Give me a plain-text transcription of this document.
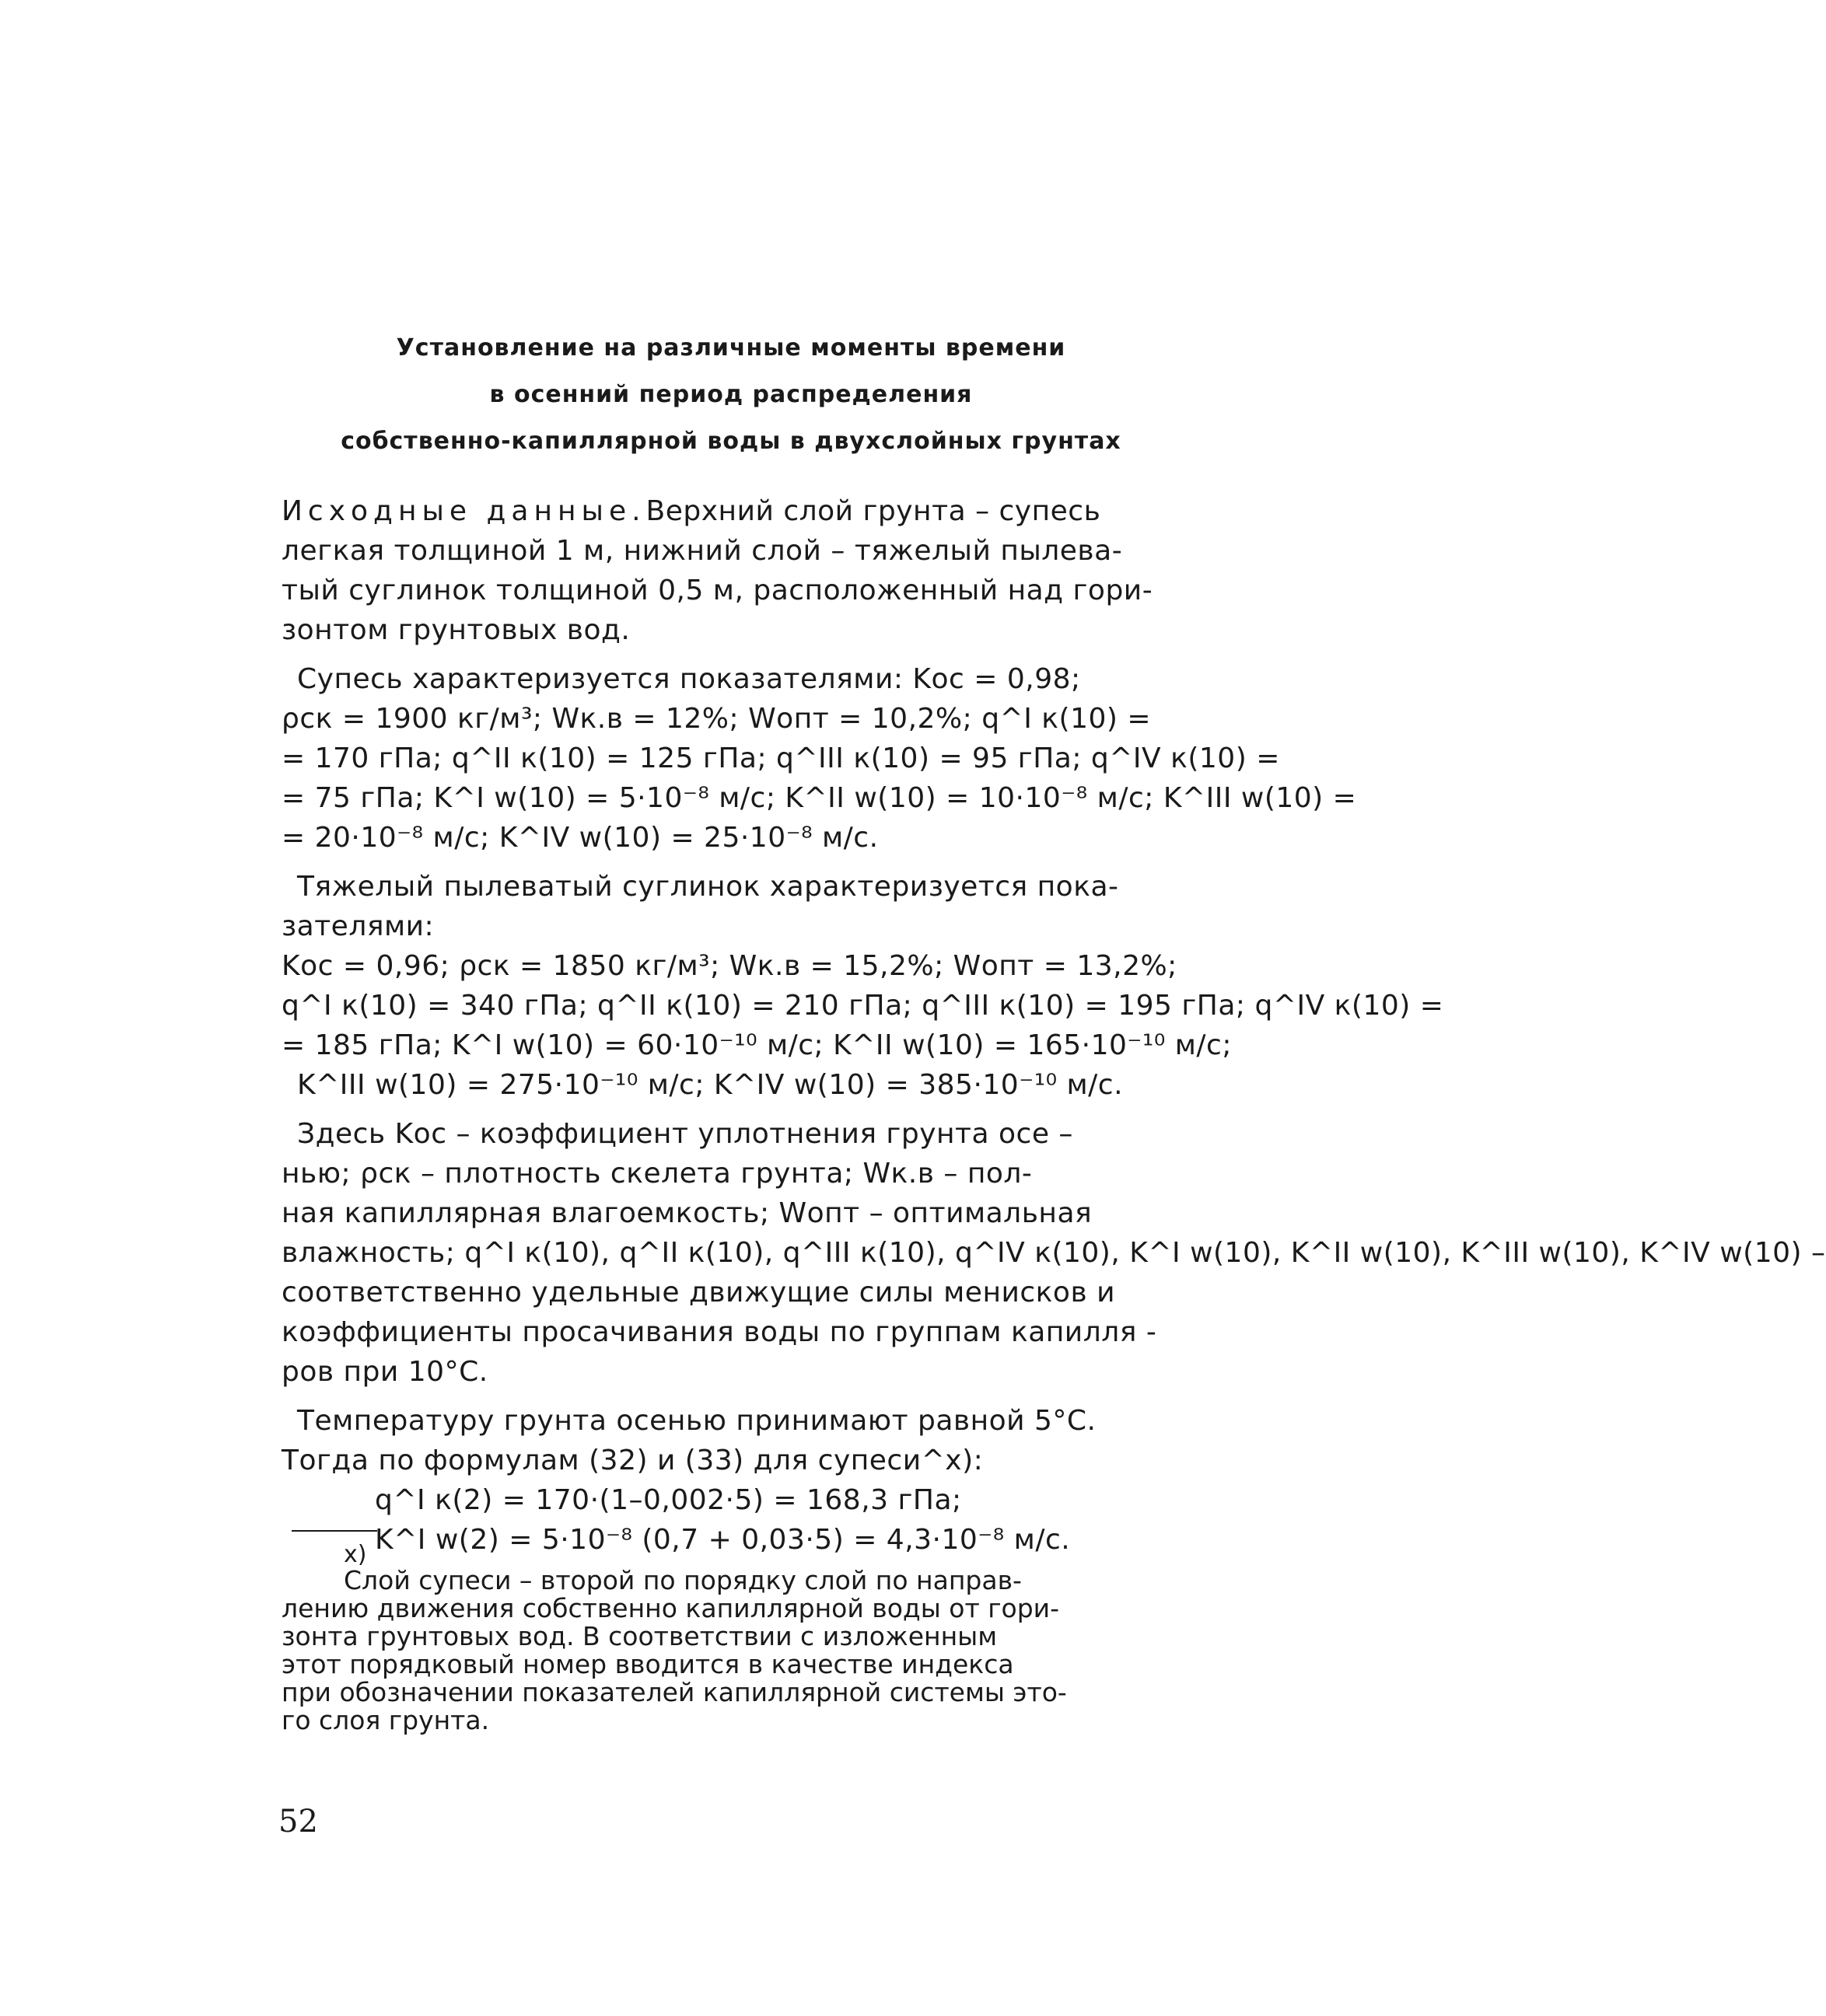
Установление на различные моменты времени
в осенний период распределения
собственно-капиллярной воды в двухслойных грунтах
Исходные данные.Верхний слой грунта – супесь
легкая толщиной 1 м, нижний слой – тяжелый пылева-
тый суглинок толщиной 0,5 м, расположенный над гори-
зонтом грунтовых вод.
Супесь характеризуется показателями: Kос = 0,98;
ρск = 1900 кг/м³; Wк.в = 12%; Wопт = 10,2%; q^I к(10) =
= 170 гПа; q^II к(10) = 125 гПа; q^III к(10) = 95 гПа; q^IV к(10) =
= 75 гПа; K^I w(10) = 5·10⁻⁸ м/с; K^II w(10) = 10·10⁻⁸ м/с; K^III w(10) =
= 20·10⁻⁸ м/с; K^IV w(10) = 25·10⁻⁸ м/с.
Тяжелый пылеватый суглинок характеризуется пока-
зателями:
Kос = 0,96; ρск = 1850 кг/м³; Wк.в = 15,2%; Wопт = 13,2%;
q^I к(10) = 340 гПа; q^II к(10) = 210 гПа; q^III к(10) = 195 гПа; q^IV к(10) =
= 185 гПа; K^I w(10) = 60·10⁻¹⁰ м/с; K^II w(10) = 165·10⁻¹⁰ м/с;
K^III w(10) = 275·10⁻¹⁰ м/с; K^IV w(10) = 385·10⁻¹⁰ м/с.
Здесь Kос – коэффициент уплотнения грунта осе –
нью; ρск – плотность скелета грунта; Wк.в – пол-
ная капиллярная влагоемкость; Wопт – оптимальная
влажность; q^I к(10), q^II к(10), q^III к(10), q^IV к(10), K^I w(10), K^II w(10), K^III w(10), K^IV w(10) –
соответственно удельные движущие силы менисков и
коэффициенты просачивания воды по группам капилля -
ров при 10°C.
Температуру грунта осенью принимают равной 5°C.
Тогда по формулам (32) и (33) для супеси^x):
q^I к(2) = 170·(1–0,002·5) = 168,3 гПа;
K^I w(2) = 5·10⁻⁸ (0,7 + 0,03·5) = 4,3·10⁻⁸ м/с.
x)
Слой супеси – второй по порядку слой по направ-
лению движения собственно капиллярной воды от гори-
зонта грунтовых вод. В соответствии с изложенным
этот порядковый номер вводится в качестве индекса
при обозначении показателей капиллярной системы это-
го слоя грунта.
52
